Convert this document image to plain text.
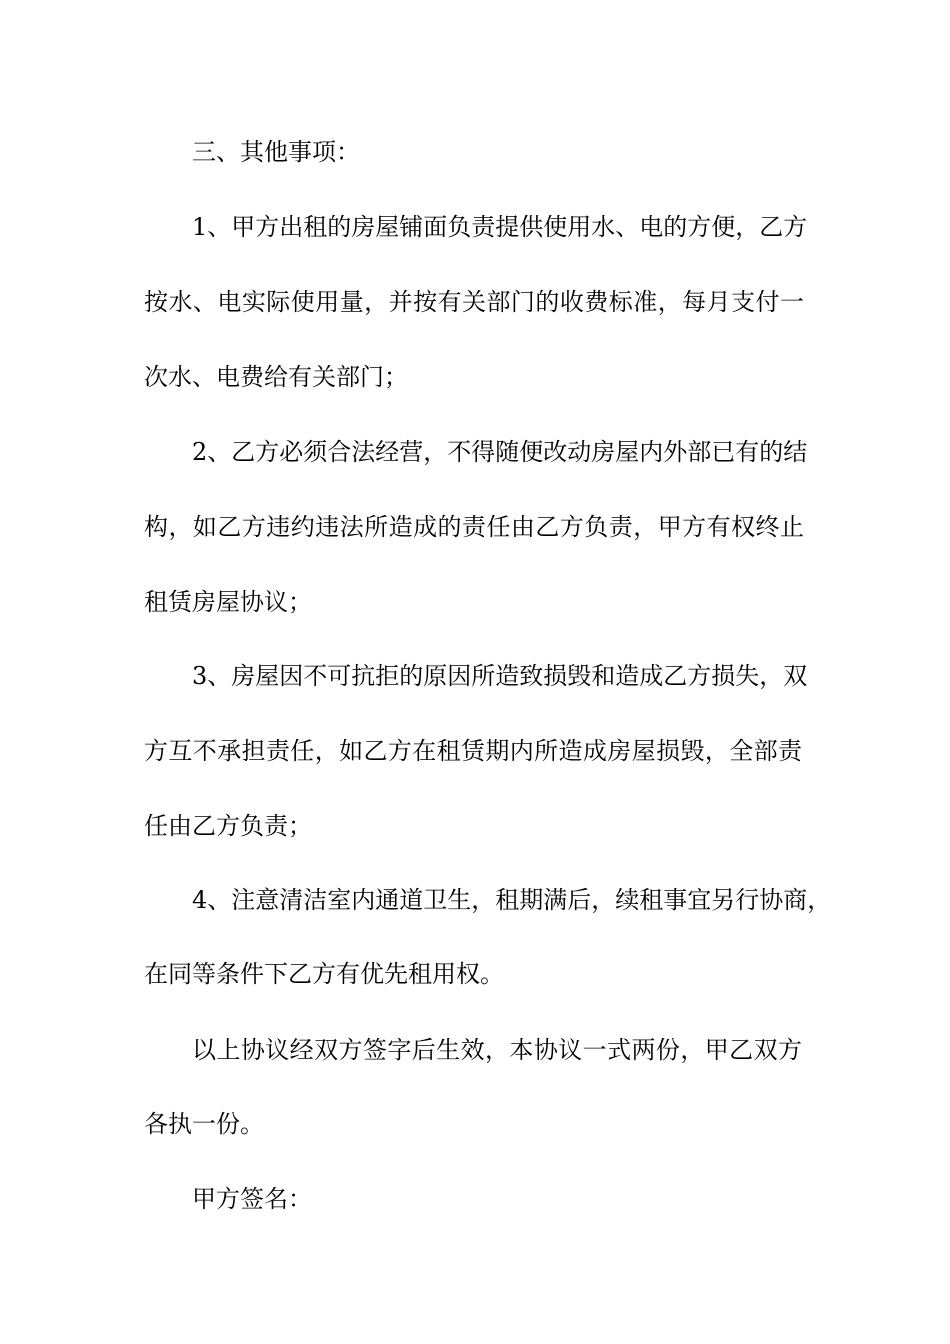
三、其他事项：

1、甲方出租的房屋铺面负责提供使用水、电的方便，乙方

按水、电实际使用量，并按有关部门的收费标准，每月支付一

次水、电费给有关部门；

2、乙方必须合法经营，不得随便改动房屋内外部已有的结

构，如乙方违约违法所造成的责任由乙方负责，甲方有权终止

租赁房屋协议；

3、房屋因不可抗拒的原因所造致损毁和造成乙方损失，双

方互不承担责任，如乙方在租赁期内所造成房屋损毁，全部责

任由乙方负责；

4、注意清洁室内通道卫生，租期满后，续租事宜另行协商，

在同等条件下乙方有优先租用权。

以上协议经双方签字后生效，本协议一式两份，甲乙双方

各执一份。

甲方签名：
